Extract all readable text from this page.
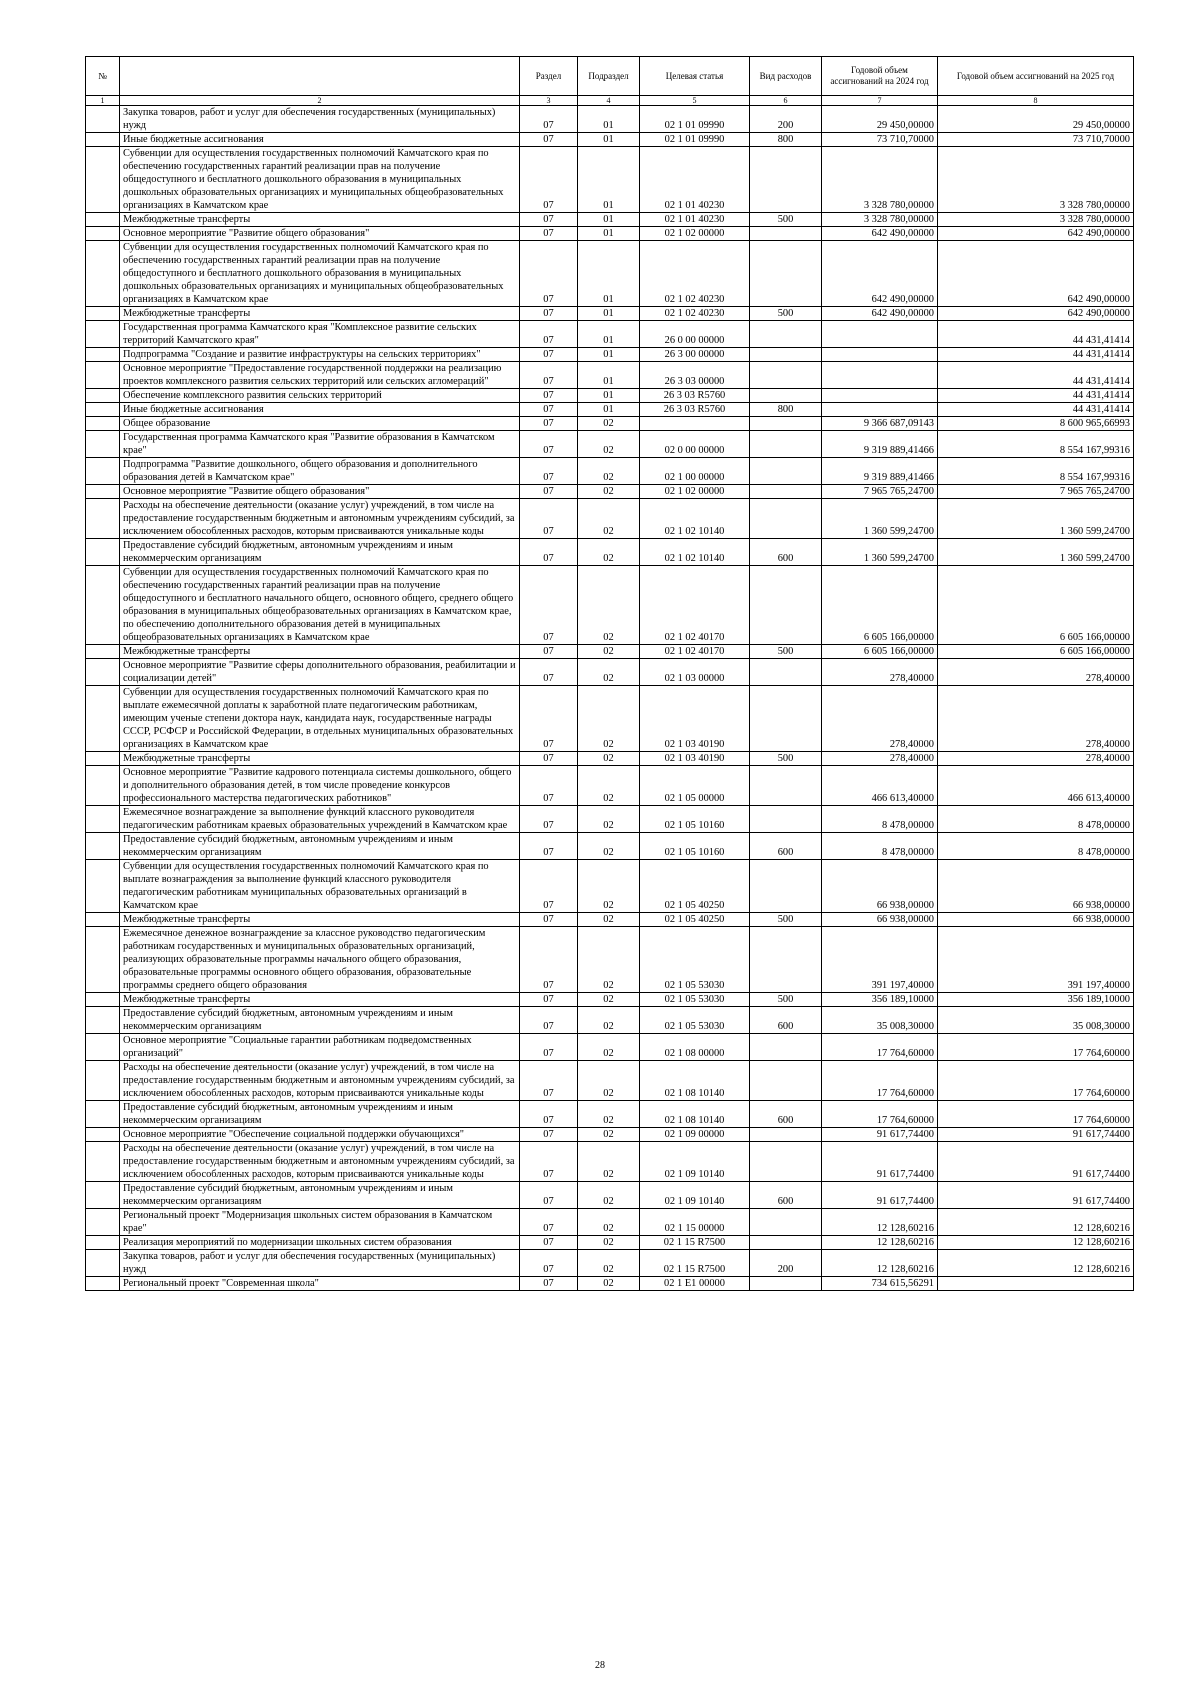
№		Раздел	Подраздел	Целевая статья	Вид расходов	Годовой объем ассигнований на 2024 год	Годовой объем ассигнований на 2025 год
1	2	3	4	5	6	7	8
	Закупка товаров, работ и услуг для обеспечения государственных (муниципальных) нужд	07	01	02 1 01 09990	200	29 450,00000	29 450,00000
	Иные бюджетные ассигнования	07	01	02 1 01 09990	800	73 710,70000	73 710,70000
	Субвенции для осуществления государственных полномочий Камчатского края по обеспечению государственных гарантий реализации прав на получение общедоступного и бесплатного дошкольного образования в муниципальных дошкольных образовательных организациях и муниципальных общеобразовательных организациях в Камчатском крае	07	01	02 1 01 40230		3 328 780,00000	3 328 780,00000
	Межбюджетные трансферты	07	01	02 1 01 40230	500	3 328 780,00000	3 328 780,00000
	Основное мероприятие "Развитие общего образования"	07	01	02 1 02 00000		642 490,00000	642 490,00000
	Субвенции для осуществления государственных полномочий Камчатского края по обеспечению государственных гарантий реализации прав на получение общедоступного и бесплатного дошкольного образования в муниципальных дошкольных образовательных организациях и муниципальных общеобразовательных организациях в Камчатском крае	07	01	02 1 02 40230		642 490,00000	642 490,00000
	Межбюджетные трансферты	07	01	02 1 02 40230	500	642 490,00000	642 490,00000
	Государственная программа Камчатского края "Комплексное развитие сельских территорий Камчатского края"	07	01	26 0 00 00000			44 431,41414
	Подпрограмма "Создание и развитие инфраструктуры на сельских территориях"	07	01	26 3 00 00000			44 431,41414
	Основное мероприятие "Предоставление государственной поддержки на реализацию проектов комплексного развития сельских территорий или сельских агломераций"	07	01	26 3 03 00000			44 431,41414
	Обеспечение комплексного развития сельских территорий	07	01	26 3 03 R5760			44 431,41414
	Иные бюджетные ассигнования	07	01	26 3 03 R5760	800		44 431,41414
	Общее образование	07	02			9 366 687,09143	8 600 965,66993
	Государственная программа Камчатского края "Развитие образования в Камчатском крае"	07	02	02 0 00 00000		9 319 889,41466	8 554 167,99316
	Подпрограмма "Развитие дошкольного, общего образования и дополнительного образования детей в Камчатском крае"	07	02	02 1 00 00000		9 319 889,41466	8 554 167,99316
	Основное мероприятие "Развитие общего образования"	07	02	02 1 02 00000		7 965 765,24700	7 965 765,24700
	Расходы на обеспечение деятельности (оказание услуг) учреждений, в том числе на предоставление государственным бюджетным и автономным учреждениям субсидий, за исключением обособленных расходов, которым присваиваются уникальные коды	07	02	02 1 02 10140		1 360 599,24700	1 360 599,24700
	Предоставление субсидий бюджетным, автономным учреждениям и иным некоммерческим организациям	07	02	02 1 02 10140	600	1 360 599,24700	1 360 599,24700
	Субвенции для осуществления государственных полномочий Камчатского края по обеспечению государственных гарантий реализации прав на получение общедоступного и бесплатного начального общего, основного общего, среднего общего образования в муниципальных общеобразовательных организациях в Камчатском крае, по обеспечению дополнительного образования детей в муниципальных общеобразовательных организациях в Камчатском крае	07	02	02 1 02 40170		6 605 166,00000	6 605 166,00000
	Межбюджетные трансферты	07	02	02 1 02 40170	500	6 605 166,00000	6 605 166,00000
	Основное мероприятие "Развитие сферы дополнительного образования, реабилитации и социализации детей"	07	02	02 1 03 00000		278,40000	278,40000
	Субвенции для осуществления государственных полномочий Камчатского края по выплате ежемесячной доплаты к заработной плате педагогическим работникам, имеющим ученые степени доктора наук, кандидата наук, государственные награды СССР, РСФСР и Российской Федерации, в отдельных муниципальных образовательных организациях в Камчатском крае	07	02	02 1 03 40190		278,40000	278,40000
	Межбюджетные трансферты	07	02	02 1 03 40190	500	278,40000	278,40000
	Основное мероприятие "Развитие кадрового потенциала системы дошкольного, общего и дополнительного образования детей, в том числе проведение конкурсов профессионального мастерства педагогических работников"	07	02	02 1 05 00000		466 613,40000	466 613,40000
	Ежемесячное вознаграждение за выполнение функций классного руководителя педагогическим работникам краевых образовательных учреждений в Камчатском крае	07	02	02 1 05 10160		8 478,00000	8 478,00000
	Предоставление субсидий бюджетным, автономным учреждениям и иным некоммерческим организациям	07	02	02 1 05 10160	600	8 478,00000	8 478,00000
	Субвенции для осуществления государственных полномочий Камчатского края по выплате вознаграждения за выполнение функций классного руководителя педагогическим работникам муниципальных образовательных организаций в Камчатском крае	07	02	02 1 05 40250		66 938,00000	66 938,00000
	Межбюджетные трансферты	07	02	02 1 05 40250	500	66 938,00000	66 938,00000
	Ежемесячное денежное вознаграждение за классное руководство педагогическим работникам государственных и муниципальных образовательных организаций, реализующих образовательные программы начального общего образования, образовательные программы основного общего образования, образовательные программы среднего общего образования	07	02	02 1 05 53030		391 197,40000	391 197,40000
	Межбюджетные трансферты	07	02	02 1 05 53030	500	356 189,10000	356 189,10000
	Предоставление субсидий бюджетным, автономным учреждениям и иным некоммерческим организациям	07	02	02 1 05 53030	600	35 008,30000	35 008,30000
	Основное мероприятие "Социальные гарантии работникам подведомственных организаций"	07	02	02 1 08 00000		17 764,60000	17 764,60000
	Расходы на обеспечение деятельности (оказание услуг) учреждений, в том числе на предоставление государственным бюджетным и автономным учреждениям субсидий, за исключением обособленных расходов, которым присваиваются уникальные коды	07	02	02 1 08 10140		17 764,60000	17 764,60000
	Предоставление субсидий бюджетным, автономным учреждениям и иным некоммерческим организациям	07	02	02 1 08 10140	600	17 764,60000	17 764,60000
	Основное мероприятие "Обеспечение социальной поддержки обучающихся"	07	02	02 1 09 00000		91 617,74400	91 617,74400
	Расходы на обеспечение деятельности (оказание услуг) учреждений, в том числе на предоставление государственным бюджетным и автономным учреждениям субсидий, за исключением обособленных расходов, которым присваиваются уникальные коды	07	02	02 1 09 10140		91 617,74400	91 617,74400
	Предоставление субсидий бюджетным, автономным учреждениям и иным некоммерческим организациям	07	02	02 1 09 10140	600	91 617,74400	91 617,74400
	Региональный проект "Модернизация школьных систем образования в Камчатском крае"	07	02	02 1 15 00000		12 128,60216	12 128,60216
	Реализация мероприятий по модернизации школьных систем образования	07	02	02 1 15 R7500		12 128,60216	12 128,60216
	Закупка товаров, работ и услуг для обеспечения государственных (муниципальных) нужд	07	02	02 1 15 R7500	200	12 128,60216	12 128,60216
	Региональный проект "Современная школа"	07	02	02 1 E1 00000		734 615,56291	
28
